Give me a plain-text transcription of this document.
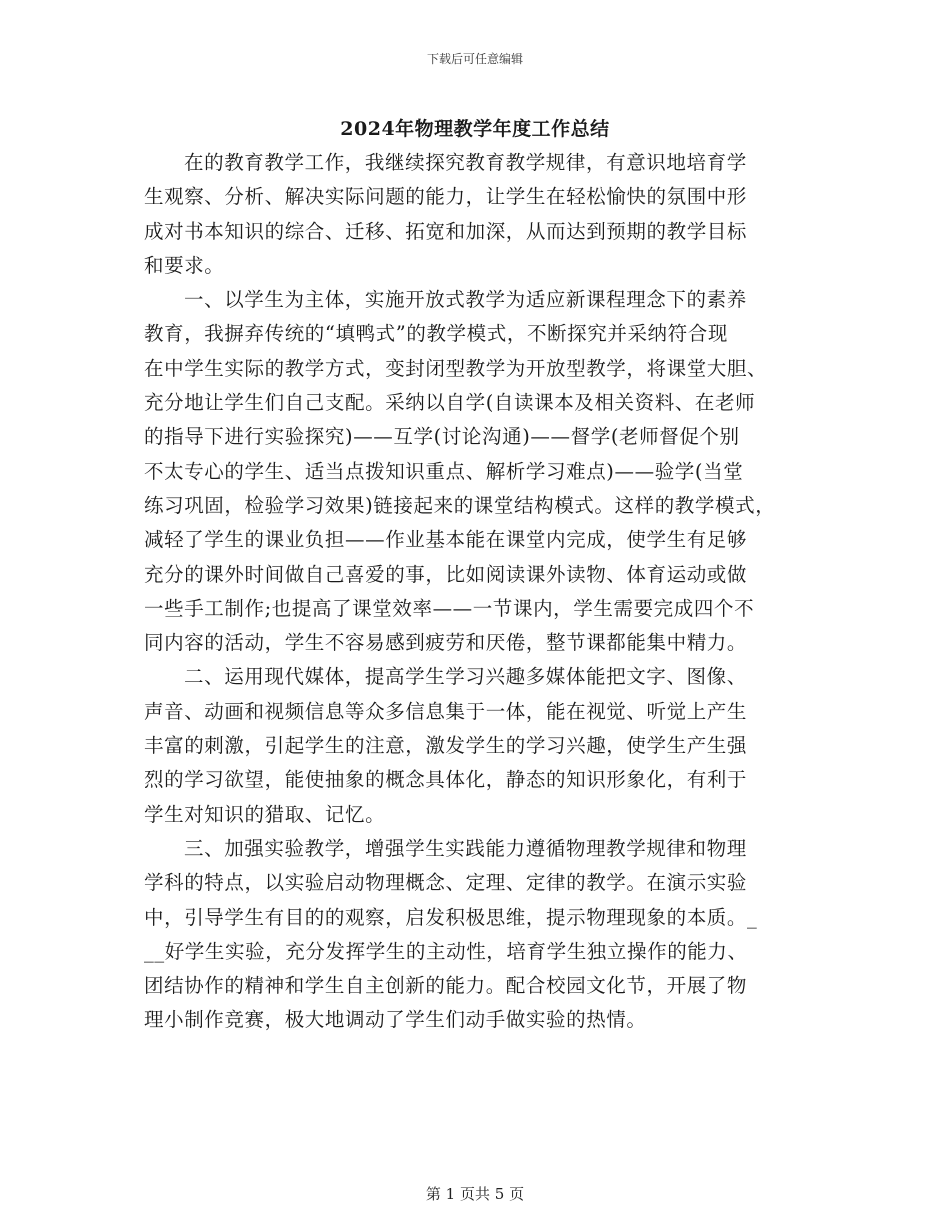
下载后可任意编辑
2024年物理教学年度工作总结
在的教育教学工作，我继续探究教育教学规律，有意识地培育学
生观察、分析、解决实际问题的能力，让学生在轻松愉快的氛围中形
成对书本知识的综合、迁移、拓宽和加深，从而达到预期的教学目标
和要求。
一、以学生为主体，实施开放式教学为适应新课程理念下的素养
教育，我摒弃传统的“填鸭式”的教学模式，不断探究并采纳符合现
在中学生实际的教学方式，变封闭型教学为开放型教学，将课堂大胆、
充分地让学生们自己支配。采纳以自学(自读课本及相关资料、在老师
的指导下进行实验探究)——互学(讨论沟通)——督学(老师督促个别
不太专心的学生、适当点拨知识重点、解析学习难点)——验学(当堂
练习巩固，检验学习效果)链接起来的课堂结构模式。这样的教学模式，
减轻了学生的课业负担——作业基本能在课堂内完成，使学生有足够
充分的课外时间做自己喜爱的事，比如阅读课外读物、体育运动或做
一些手工制作;也提高了课堂效率——一节课内，学生需要完成四个不
同内容的活动，学生不容易感到疲劳和厌倦，整节课都能集中精力。
二、运用现代媒体，提高学生学习兴趣多媒体能把文字、图像、
声音、动画和视频信息等众多信息集于一体，能在视觉、听觉上产生
丰富的刺激，引起学生的注意，激发学生的学习兴趣，使学生产生强
烈的学习欲望，能使抽象的概念具体化，静态的知识形象化，有利于
学生对知识的猎取、记忆。
三、加强实验教学，增强学生实践能力遵循物理教学规律和物理
学科的特点，以实验启动物理概念、定理、定律的教学。在演示实验
中，引导学生有目的的观察，启发积极思维，提示物理现象的本质。_
__好学生实验，充分发挥学生的主动性，培育学生独立操作的能力、
团结协作的精神和学生自主创新的能力。配合校园文化节，开展了物
理小制作竞赛，极大地调动了学生们动手做实验的热情。
第 1 页共 5 页
